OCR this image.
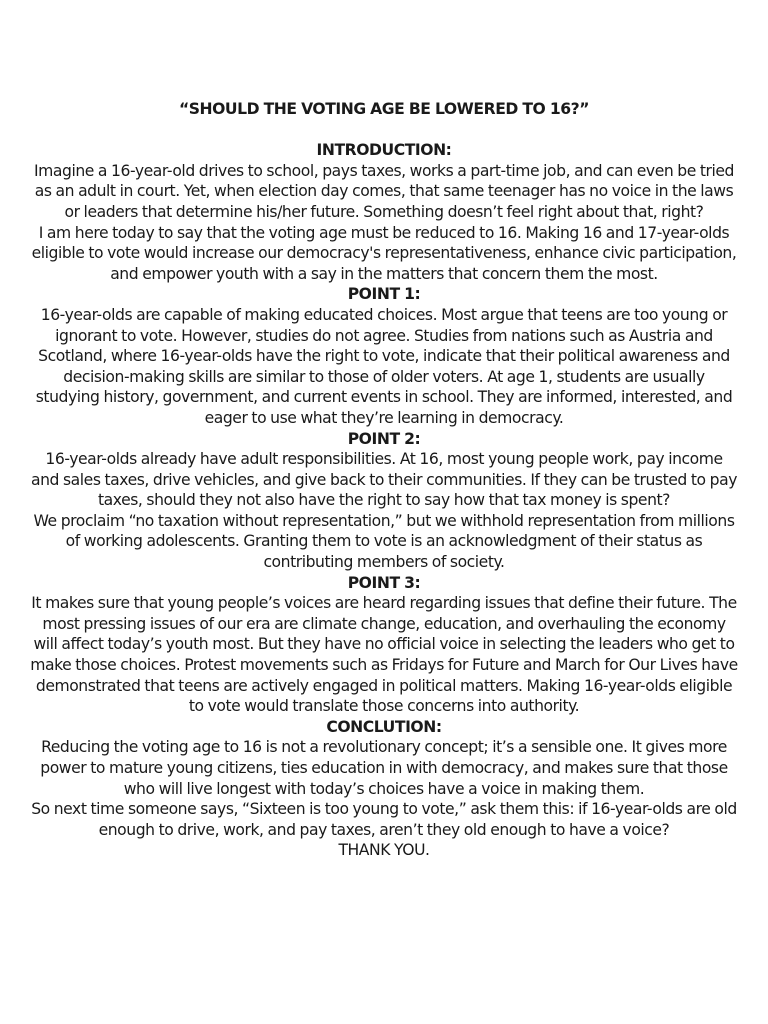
“SHOULD THE VOTING AGE BE LOWERED TO 16?”

INTRODUCTION:

Imagine a 16-year-old drives to school, pays taxes, works a part-time job, and can even be tried as an adult in court. Yet, when election day comes, that same teenager has no voice in the laws or leaders that determine his/her future. Something doesn’t feel right about that, right?

I am here today to say that the voting age must be reduced to 16. Making 16 and 17-year-olds eligible to vote would increase our democracy's representativeness, enhance civic participation, and empower youth with a say in the matters that concern them the most.

POINT 1:

16-year-olds are capable of making educated choices. Most argue that teens are too young or ignorant to vote. However, studies do not agree. Studies from nations such as Austria and Scotland, where 16-year-olds have the right to vote, indicate that their political awareness and decision-making skills are similar to those of older voters. At age 1, students are usually studying history, government, and current events in school. They are informed, interested, and eager to use what they’re learning in democracy.

POINT 2:

16-year-olds already have adult responsibilities. At 16, most young people work, pay income and sales taxes, drive vehicles, and give back to their communities. If they can be trusted to pay taxes, should they not also have the right to say how that tax money is spent?

We proclaim “no taxation without representation,” but we withhold representation from millions of working adolescents. Granting them to vote is an acknowledgment of their status as contributing members of society.

POINT 3:

It makes sure that young people’s voices are heard regarding issues that define their future. The most pressing issues of our era are climate change, education, and overhauling the economy will affect today’s youth most. But they have no official voice in selecting the leaders who get to make those choices. Protest movements such as Fridays for Future and March for Our Lives have demonstrated that teens are actively engaged in political matters. Making 16-year-olds eligible to vote would translate those concerns into authority.

CONCLUTION:

Reducing the voting age to 16 is not a revolutionary concept; it’s a sensible one. It gives more power to mature young citizens, ties education in with democracy, and makes sure that those who will live longest with today’s choices have a voice in making them.

So next time someone says, “Sixteen is too young to vote,” ask them this: if 16-year-olds are old enough to drive, work, and pay taxes, aren’t they old enough to have a voice?

THANK YOU.
